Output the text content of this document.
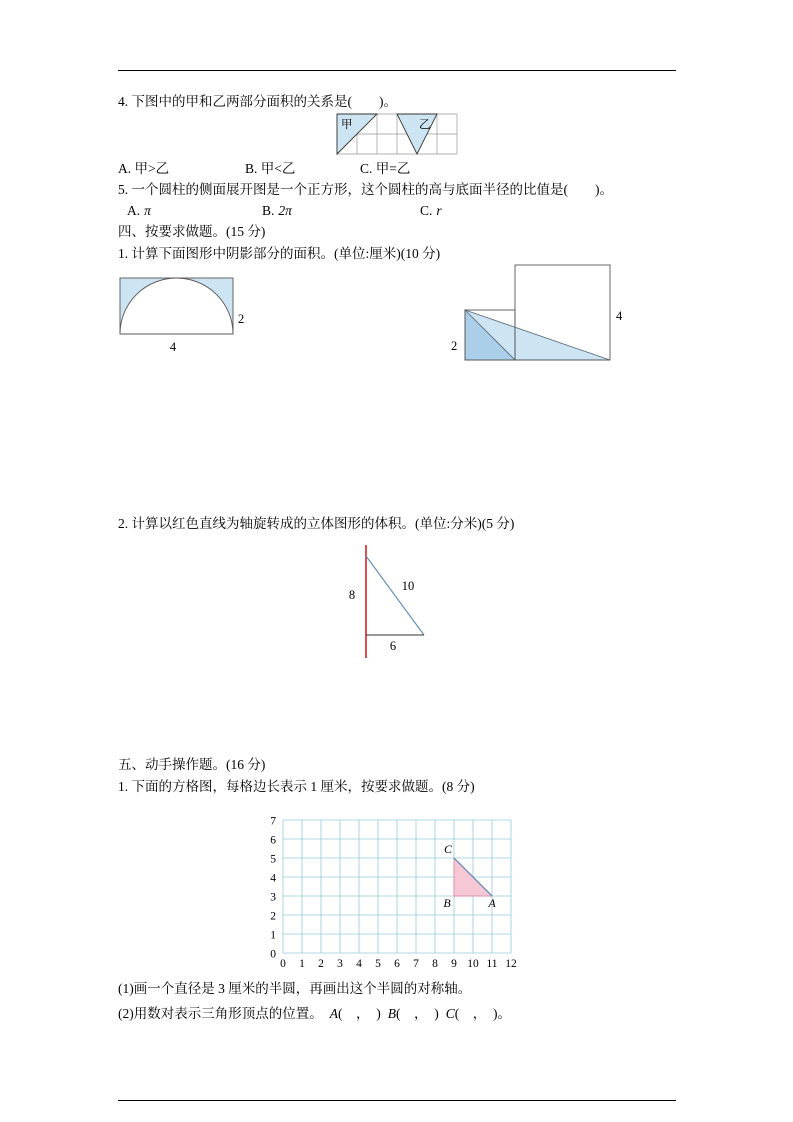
4. 下图中的甲和乙两部分面积的关系是(　　)。
甲	乙
A. 甲>乙	B. 甲<乙	C. 甲=乙
5. 一个圆柱的侧面展开图是一个正方形，这个圆柱的高与底面半径的比值是(　　)。
A. π	B. 2π	C. r
四、按要求做题。(15 分)
1. 计算下面图形中阴影部分的面积。(单位:厘米)(10 分)
2
4
4
2
2. 计算以红色直线为轴旋转成的立体图形的体积。(单位:分米)(5 分)
8
10
6
五、动手操作题。(16 分)
1. 下面的方格图，每格边长表示 1 厘米，按要求做题。(8 分)
7
6
5
4
3
2
1
0
0 1 2 3 4 5 6 7 8 9 10 11 12
C
B	A
(1)画一个直径是 3 厘米的半圆，再画出这个半圆的对称轴。
(2)用数对表示三角形顶点的位置。 A(　，　) B(　，　) C(　，　)。
